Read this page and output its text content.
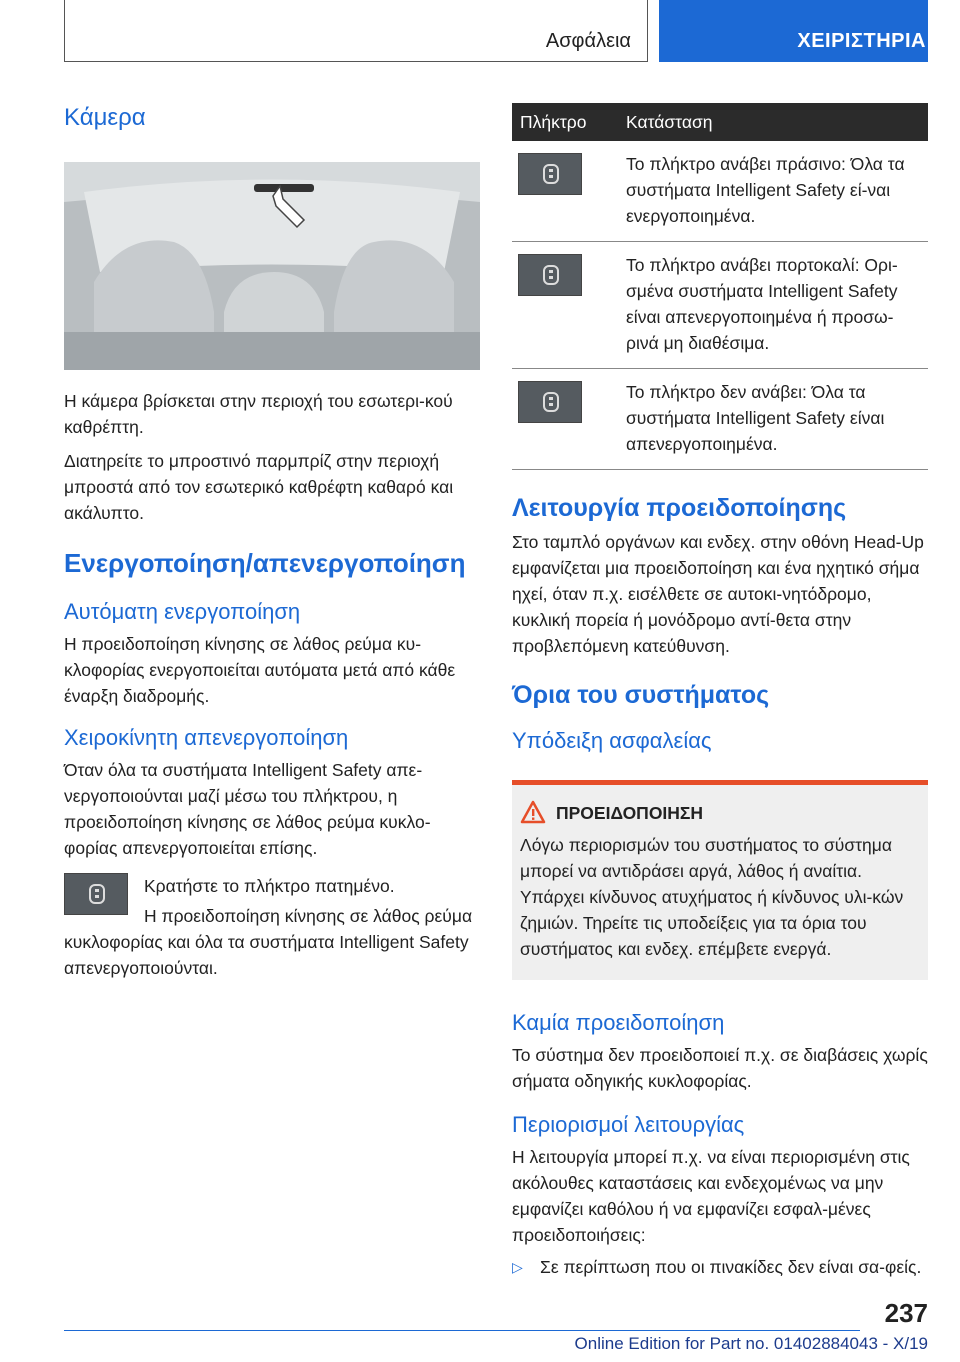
Ασφάλεια	ΧΕΙΡΙΣΤΗΡΙΑ
Κάμερα

Η κάμερα βρίσκεται στην περιοχή του εσωτερι‐κού καθρέπτη.

Διατηρείτε το μπροστινό παρμπρίζ στην περιοχή μπροστά από τον εσωτερικό καθρέφτη καθαρό και ακάλυπτο.

Ενεργοποίηση/απενεργοποίηση
Αυτόματη ενεργοποίηση

Η προειδοποίηση κίνησης σε λάθος ρεύμα κυ‐κλοφορίας ενεργοποιείται αυτόματα μετά από κάθε έναρξη διαδρομής.

Χειροκίνητη απενεργοποίηση

Όταν όλα τα συστήματα Intelligent Safety απε‐νεργοποιούνται μαζί μέσω του πλήκτρου, η προειδοποίηση κίνησης σε λάθος ρεύμα κυκλο‐φορίας απενεργοποιείται επίσης.

Κρατήστε το πλήκτρο πατημένο.

Η προειδοποίηση κίνησης σε λάθος ρεύμα κυκλοφορίας και όλα τα συστήματα Intelligent Safety απενεργοποιούνται.

Πλήκτρο	Κατάσταση

	Το πλήκτρο ανάβει πράσινο: Όλα τα συστήματα Intelligent Safety εί‐ναι ενεργοποιημένα.

	Το πλήκτρο ανάβει πορτοκαλί: Ορι‐σμένα συστήματα Intelligent Safety είναι απενεργοποιημένα ή προσω‐ρινά μη διαθέσιμα.

	Το πλήκτρο δεν ανάβει: Όλα τα συστήματα Intelligent Safety είναι απενεργοποιημένα.
Λειτουργία προειδοποίησης

Στο ταμπλό οργάνων και ενδεχ. στην οθόνη Head-Up εμφανίζεται μια προειδοποίηση και ένα ηχητικό σήμα ηχεί, όταν π.χ. εισέλθετε σε αυτοκι‐νητόδρομο, κυκλική πορεία ή μονόδρομο αντί‐θετα στην προβλεπόμενη κατεύθυνση.

Όρια του συστήματος
Υπόδειξη ασφαλείας
ΠΡΟΕΙΔΟΠΟΙΗΣΗ

Λόγω περιορισμών του συστήματος το σύστημα μπορεί να αντιδράσει αργά, λάθος ή αναίτια. Υπάρχει κίνδυνος ατυχήματος ή κίνδυνος υλι‐κών ζημιών. Τηρείτε τις υποδείξεις για τα όρια του συστήματος και ενδεχ. επέμβετε ενεργά.

Καμία προειδοποίηση

Το σύστημα δεν προειδοποιεί π.χ. σε διαβάσεις χωρίς σήματα οδηγικής κυκλοφορίας.

Περιορισμοί λειτουργίας

Η λειτουργία μπορεί π.χ. να είναι περιορισμένη στις ακόλουθες καταστάσεις και ενδεχομένως να μην εμφανίζει καθόλου ή να εμφανίζει εσφαλ‐μένες προειδοποιήσεις:

▷ Σε περίπτωση που οι πινακίδες δεν είναι σα‐φείς.

237
Online Edition for Part no. 01402884043 - X/19
